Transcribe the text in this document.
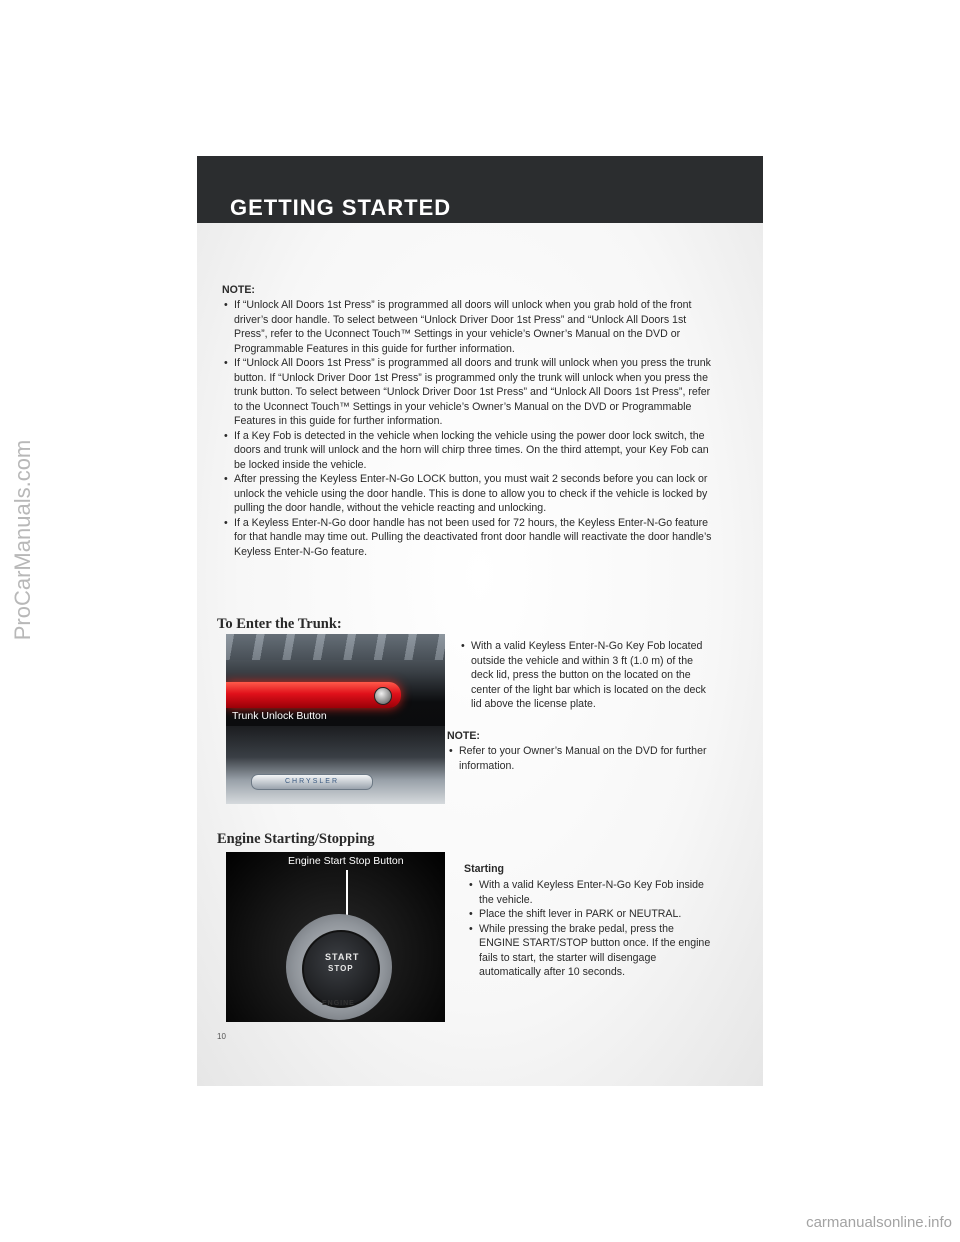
GETTING STARTED

NOTE:

• If “Unlock All Doors 1st Press” is programmed all doors will unlock when you grab hold of the front driver’s door handle. To select between “Unlock Driver Door 1st Press” and “Unlock All Doors 1st Press”, refer to the Uconnect Touch™ Settings in your vehicle’s Owner’s Manual on the DVD or Programmable Features in this guide for further information.
• If “Unlock All Doors 1st Press” is programmed all doors and trunk will unlock when you press the trunk button. If “Unlock Driver Door 1st Press” is programmed only the trunk will unlock when you press the trunk button. To select between “Unlock Driver Door 1st Press” and “Unlock All Doors 1st Press”, refer to the Uconnect Touch™ Settings in your vehicle’s Owner’s Manual on the DVD or Programmable Features in this guide for further information.
• If a Key Fob is detected in the vehicle when locking the vehicle using the power door lock switch, the doors and trunk will unlock and the horn will chirp three times. On the third attempt, your Key Fob can be locked inside the vehicle.
• After pressing the Keyless Enter-N-Go LOCK button, you must wait 2 seconds before you can lock or unlock the vehicle using the door handle. This is done to allow you to check if the vehicle is locked by pulling the door handle, without the vehicle reacting and unlocking.
• If a Keyless Enter-N-Go door handle has not been used for 72 hours, the Keyless Enter-N-Go feature for that handle may time out. Pulling the deactivated front door handle will reactivate the door handle’s Keyless Enter-N-Go feature.
To Enter the Trunk:
Trunk Unlock Button
CHRYSLER
• With a valid Keyless Enter-N-Go Key Fob located outside the vehicle and within 3 ft (1.0 m) of the deck lid, press the button on the located on the center of the light bar which is located on the deck lid above the license plate.

NOTE:

• Refer to your Owner’s Manual on the DVD for further information.
Engine Starting/Stopping
Engine Start Stop Button
START
STOP
ENGINE

Starting

• With a valid Keyless Enter-N-Go Key Fob inside the vehicle.
• Place the shift lever in PARK or NEUTRAL.
• While pressing the brake pedal, press the ENGINE START/STOP button once. If the engine fails to start, the starter will disengage automatically after 10 seconds.
10
ProCarManuals.com
carmanualsonline.info
